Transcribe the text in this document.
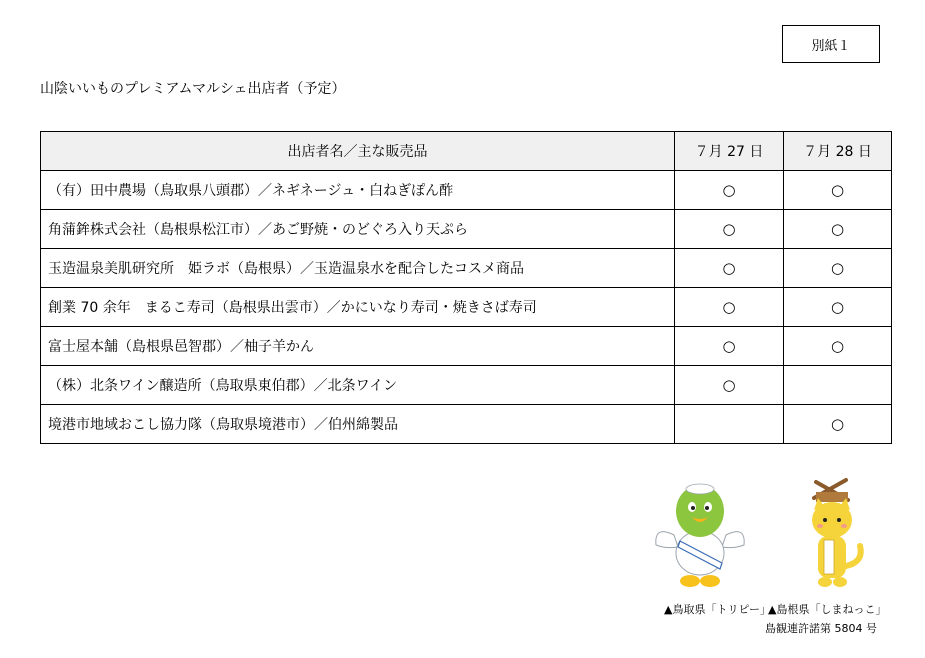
別紙１
山陰いいものプレミアムマルシェ出店者（予定）
出店者名／主な販売品	７月 27 日	７月 28 日
（有）田中農場（鳥取県八頭郡）／ネギネージュ・白ねぎぽん酢	○	○
角蒲鉾株式会社（島根県松江市）／あご野焼・のどぐろ入り天ぷら	○	○
玉造温泉美肌研究所　姫ラボ（島根県）／玉造温泉水を配合したコスメ商品	○	○
創業 70 余年　まるこ寿司（島根県出雲市）／かにいなり寿司・焼きさば寿司	○	○
富士屋本舗（島根県邑智郡）／柚子羊かん	○	○
（株）北条ワイン醸造所（鳥取県東伯郡）／北条ワイン	○	
境港市地域おこし協力隊（鳥取県境港市）／伯州綿製品		○
▲鳥取県「トリピー」
▲島根県「しまねっこ」
島観連許諾第 5804 号
